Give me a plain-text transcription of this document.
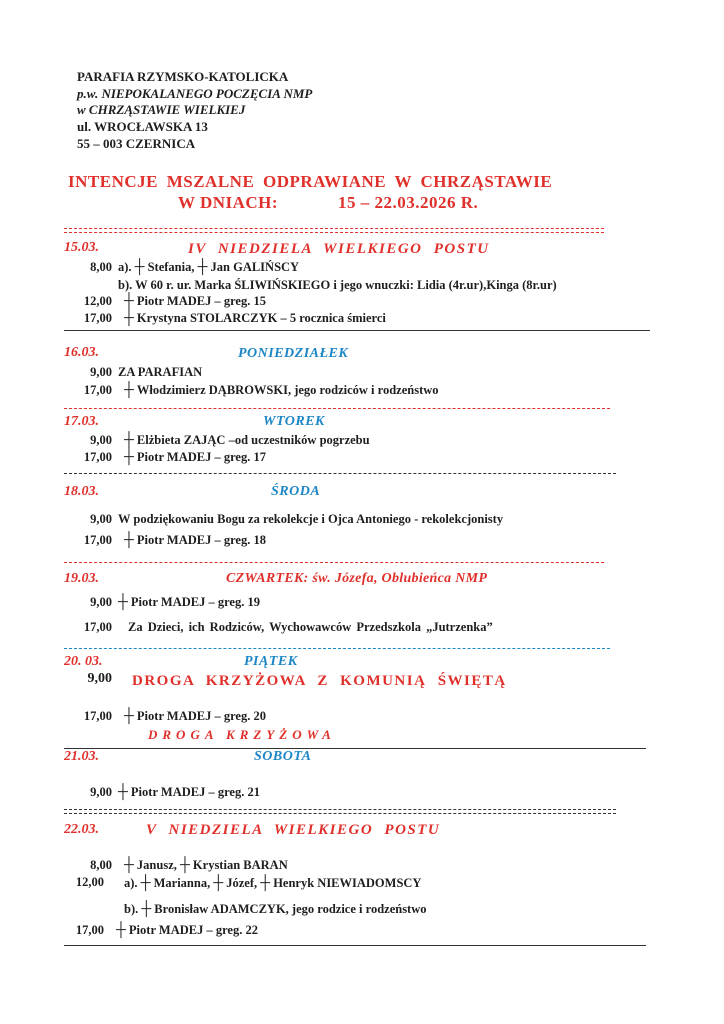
PARAFIA RZYMSKO-KATOLICKA
p.w. NIEPOKALANEGO POCZĘCIA NMP
w CHRZĄSTAWIE WIELKIEJ
ul. WROCŁAWSKA 13
55 – 003 CZERNICA
INTENCJE MSZALNE ODPRAWIANE W CHRZĄSTAWIE
W DNIACH:	15 – 22.03.2026 R.
15.03.	IV NIEDZIELA WIELKIEGO POSTU
8,00 a). ┼ Stefania, ┼ Jan GALIŃSCY
b). W 60 r. ur. Marka ŚLIWIŃSKIEGO i jego wnuczki: Lidia (4r.ur),Kinga (8r.ur)
12,00 ┼	Piotr MADEJ – greg. 15
17,00 ┼	Krystyna STOLARCZYK – 5 rocznica śmierci
16.03.	PONIEDZIAŁEK
9,00 ZA PARAFIAN
17,00 ┼	Włodzimierz DĄBROWSKI, jego rodziców i rodzeństwo
17.03.	WTOREK
9,00 ┼	Elżbieta ZAJĄC –od uczestników pogrzebu
17,00 ┼	Piotr MADEJ – greg. 17
18.03.	ŚRODA
9,00 W podziękowaniu Bogu za rekolekcje i Ojca Antoniego - rekolekcjonisty
17,00 ┼	Piotr MADEJ – greg. 18
19.03.	CZWARTEK: św. Józefa, Oblubieńca NMP
9,00 ┼	Piotr MADEJ – greg. 19
17,00 Za Dzieci, ich Rodziców, Wychowawców Przedszkola „Jutrzenka”
20. 03.	PIĄTEK
9,00 DROGA KRZYŻOWA Z KOMUNIĄ ŚWIĘTĄ
17,00 ┼	Piotr MADEJ – greg. 20
DROGA KRZYŻOWA
21.03.	SOBOTA
9,00 ┼	Piotr MADEJ – greg. 21
22.03.	V NIEDZIELA WIELKIEGO POSTU
8,00 ┼	Janusz, ┼ Krystian BARAN
12,00 a). ┼ Marianna, ┼ Józef, ┼ Henryk NIEWIADOMSCY
b). ┼ Bronisław ADAMCZYK, jego rodzice i rodzeństwo
17,00 ┼	Piotr MADEJ – greg. 22
